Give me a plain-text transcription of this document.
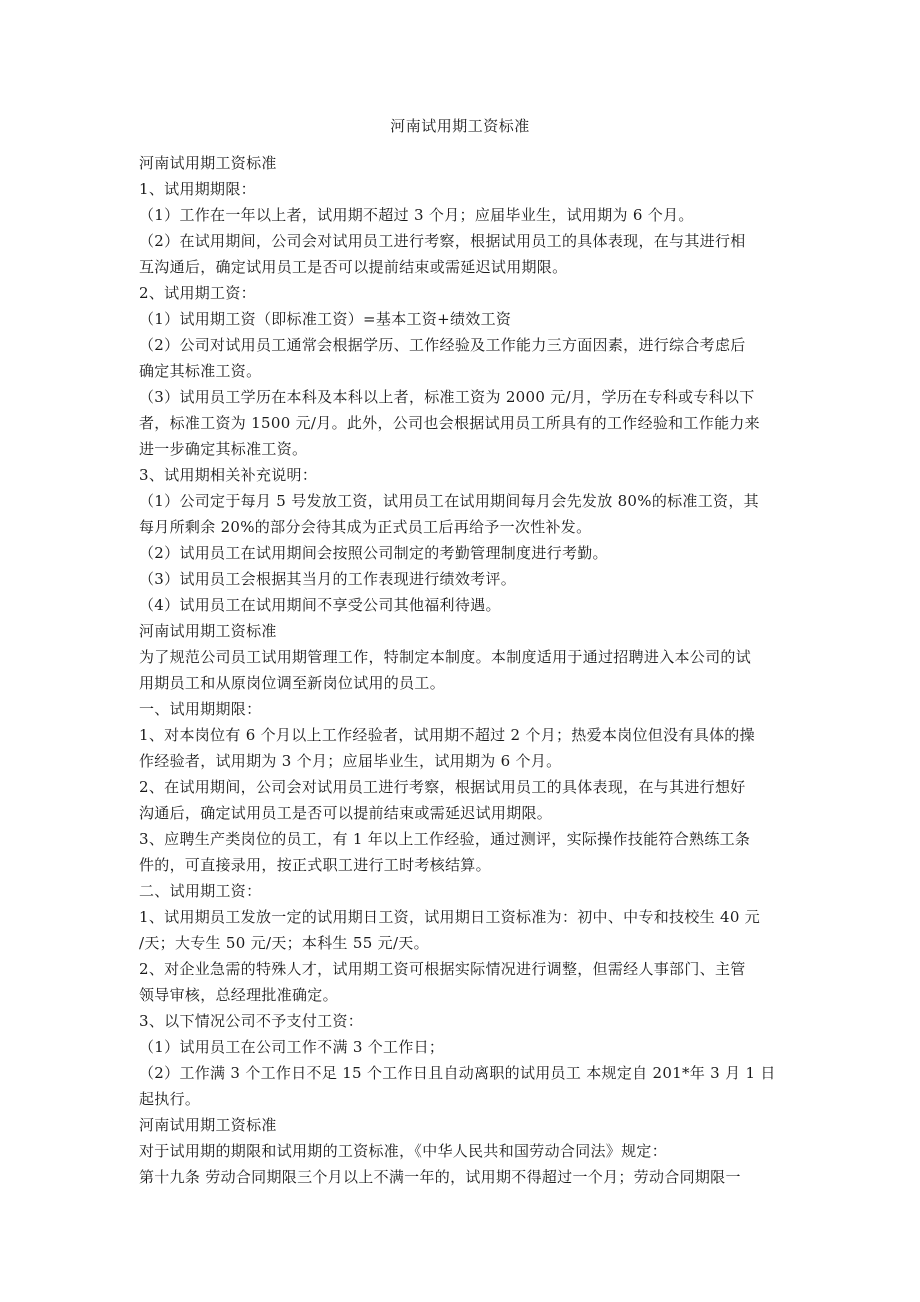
河南试用期工资标准
河南试用期工资标准
1、试用期期限：
（1）工作在一年以上者，试用期不超过 3 个月；应届毕业生，试用期为 6 个月。
（2）在试用期间，公司会对试用员工进行考察，根据试用员工的具体表现，在与其进行相
互沟通后，确定试用员工是否可以提前结束或需延迟试用期限。
2、试用期工资：
（1）试用期工资（即标准工资）=基本工资+绩效工资
（2）公司对试用员工通常会根据学历、工作经验及工作能力三方面因素，进行综合考虑后
确定其标准工资。
（3）试用员工学历在本科及本科以上者，标准工资为 2000 元/月，学历在专科或专科以下
者，标准工资为 1500 元/月。此外，公司也会根据试用员工所具有的工作经验和工作能力来
进一步确定其标准工资。
3、试用期相关补充说明：
（1）公司定于每月 5 号发放工资，试用员工在试用期间每月会先发放 80%的标准工资，其
每月所剩余 20%的部分会待其成为正式员工后再给予一次性补发。
（2）试用员工在试用期间会按照公司制定的考勤管理制度进行考勤。
（3）试用员工会根据其当月的工作表现进行绩效考评。
（4）试用员工在试用期间不享受公司其他福利待遇。
河南试用期工资标准
为了规范公司员工试用期管理工作，特制定本制度。本制度适用于通过招聘进入本公司的试
用期员工和从原岗位调至新岗位试用的员工。
一、试用期期限：
1、对本岗位有 6 个月以上工作经验者，试用期不超过 2 个月；热爱本岗位但没有具体的操
作经验者，试用期为 3 个月；应届毕业生，试用期为 6 个月。
2、在试用期间，公司会对试用员工进行考察，根据试用员工的具体表现，在与其进行想好
沟通后，确定试用员工是否可以提前结束或需延迟试用期限。
3、应聘生产类岗位的员工，有 1 年以上工作经验，通过测评，实际操作技能符合熟练工条
件的，可直接录用，按正式职工进行工时考核结算。
二、试用期工资：
1、试用期员工发放一定的试用期日工资，试用期日工资标准为：初中、中专和技校生 40 元
/天；大专生 50 元/天；本科生 55 元/天。
2、对企业急需的特殊人才，试用期工资可根据实际情况进行调整，但需经人事部门、主管
领导审核，总经理批准确定。
3、以下情况公司不予支付工资：
（1）试用员工在公司工作不满 3 个工作日；
（2）工作满 3 个工作日不足 15 个工作日且自动离职的试用员工 本规定自 201*年 3 月 1 日
起执行。
河南试用期工资标准
对于试用期的期限和试用期的工资标准，《中华人民共和国劳动合同法》规定：
第十九条 劳动合同期限三个月以上不满一年的，试用期不得超过一个月；劳动合同期限一
